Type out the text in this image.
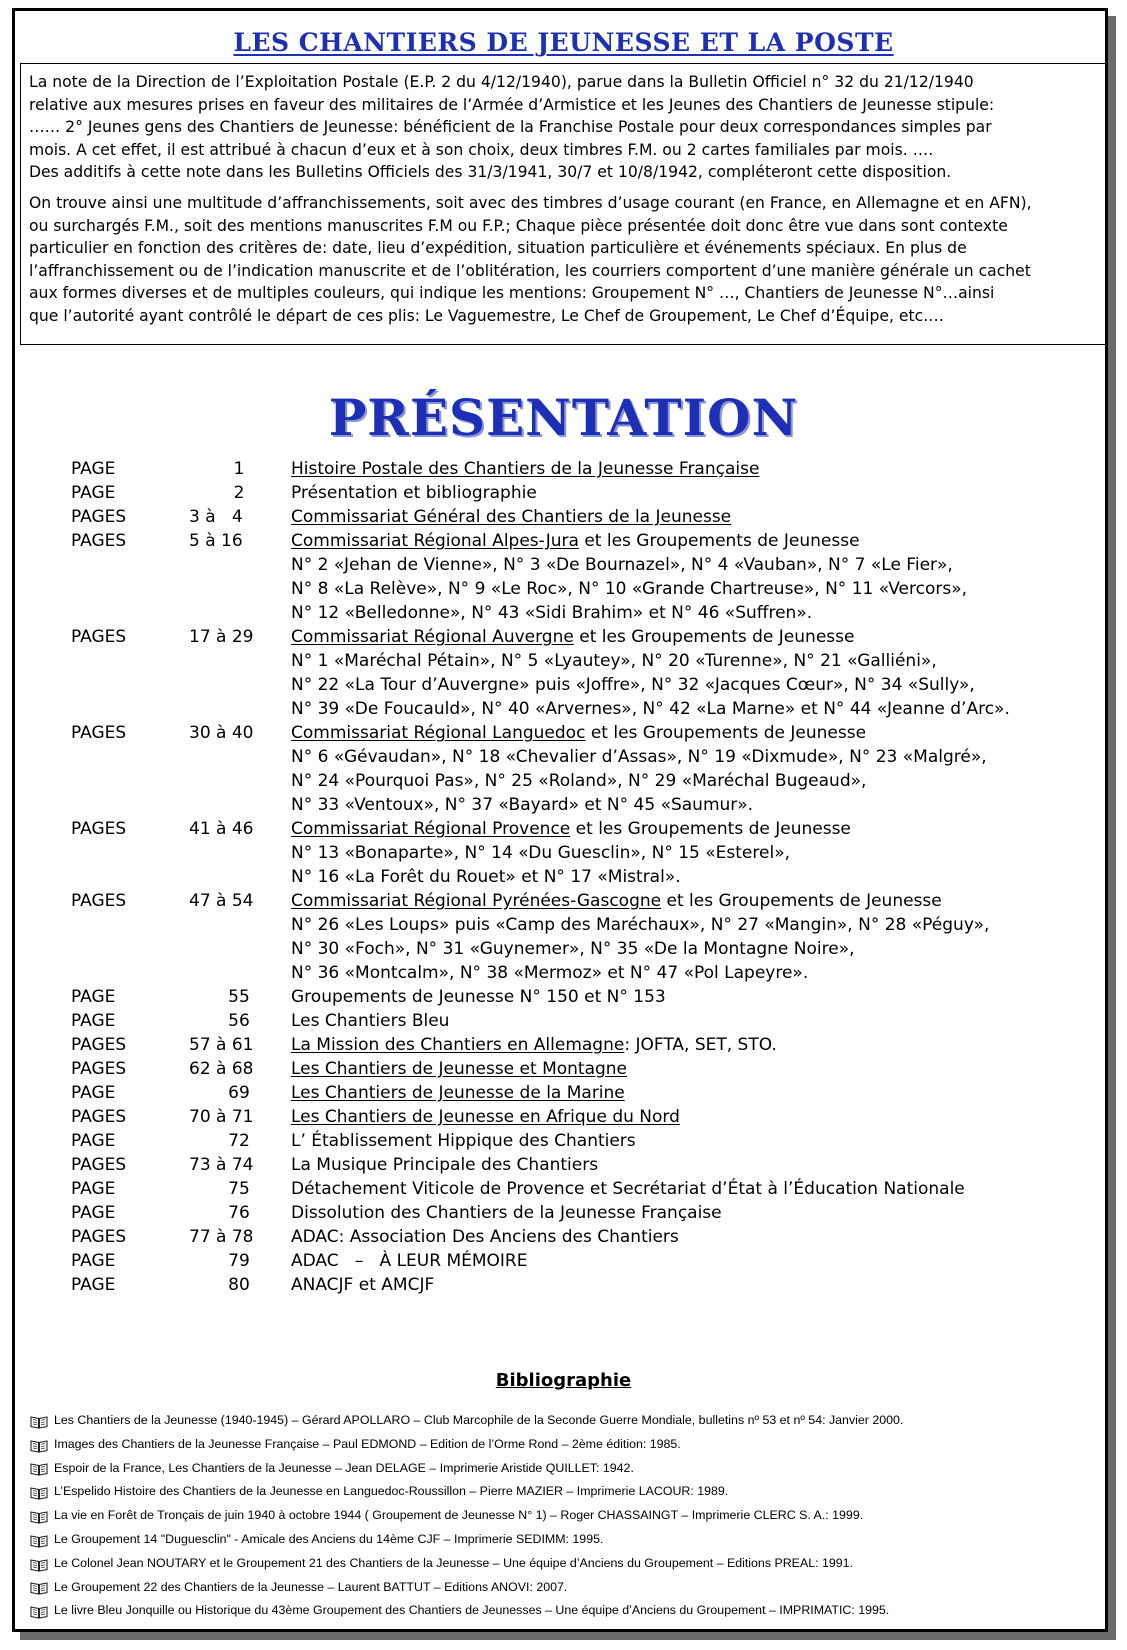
LES CHANTIERS DE JEUNESSE ET LA POSTE

La note de la Direction de l’Exploitation Postale (E.P. 2 du 4/12/1940), parue dans la Bulletin Officiel n° 32 du 21/12/1940
relative aux mesures prises en faveur des militaires de l’Armée d’Armistice et les Jeunes des Chantiers de Jeunesse stipule:
…… 2° Jeunes gens des Chantiers de Jeunesse: bénéficient de la Franchise Postale pour deux correspondances simples par
mois. A cet effet, il est attribué à chacun d’eux et à son choix, deux timbres F.M. ou 2 cartes familiales par mois. ….
Des additifs à cette note dans les Bulletins Officiels des 31/3/1941, 30/7 et 10/8/1942, compléteront cette disposition.

On trouve ainsi une multitude d’affranchissements, soit avec des timbres d’usage courant (en France, en Allemagne et en AFN),
ou surchargés F.M., soit des mentions manuscrites F.M ou F.P.; Chaque pièce présentée doit donc être vue dans sont contexte
particulier en fonction des critères de: date, lieu d’expédition, situation particulière et événements spéciaux. En plus de
l’affranchissement ou de l’indication manuscrite et de l’oblitération, les courriers comportent d’une manière générale un cachet
aux formes diverses et de multiples couleurs, qui indique les mentions: Groupement N° …, Chantiers de Jeunesse N°…ainsi
que l’autorité ayant contrôlé le départ de ces plis: Le Vaguemestre, Le Chef de Groupement, Le Chef d’Équipe, etc….

PRÉSENTATION
PAGE	1	Histoire Postale des Chantiers de la Jeunesse Française
PAGE	2	Présentation et bibliographie
PAGES	3 à   4	Commissariat Général des Chantiers de la Jeunesse
PAGES	5 à 16	Commissariat Régional Alpes-Jura et les Groupements de Jeunesse
N° 2 «Jehan de Vienne», N° 3 «De Bournazel», N° 4 «Vauban», N° 7 «Le Fier»,
N° 8 «La Relève», N° 9 «Le Roc», N° 10 «Grande Chartreuse», N° 11 «Vercors»,
N° 12 «Belledonne», N° 43 «Sidi Brahim» et N° 46 «Suffren».
PAGES	17 à 29	Commissariat Régional Auvergne et les Groupements de Jeunesse
N° 1 «Maréchal Pétain», N° 5 «Lyautey», N° 20 «Turenne», N° 21 «Galliéni»,
N° 22 «La Tour d’Auvergne» puis «Joffre», N° 32 «Jacques Cœur», N° 34 «Sully»,
N° 39 «De Foucauld», N° 40 «Arvernes», N° 42 «La Marne» et N° 44 «Jeanne d’Arc».
PAGES	30 à 40	Commissariat Régional Languedoc et les Groupements de Jeunesse
N° 6 «Gévaudan», N° 18 «Chevalier d’Assas», N° 19 «Dixmude», N° 23 «Malgré»,
N° 24 «Pourquoi Pas», N° 25 «Roland», N° 29 «Maréchal Bugeaud»,
N° 33 «Ventoux», N° 37 «Bayard» et N° 45 «Saumur».
PAGES	41 à 46	Commissariat Régional Provence et les Groupements de Jeunesse
N° 13 «Bonaparte», N° 14 «Du Guesclin», N° 15 «Esterel»,
N° 16 «La Forêt du Rouet» et N° 17 «Mistral».
PAGES	47 à 54	Commissariat Régional Pyrénées-Gascogne et les Groupements de Jeunesse
N° 26 «Les Loups» puis «Camp des Maréchaux», N° 27 «Mangin», N° 28 «Péguy»,
N° 30 «Foch», N° 31 «Guynemer», N° 35 «De la Montagne Noire»,
N° 36 «Montcalm», N° 38 «Mermoz» et N° 47 «Pol Lapeyre».
PAGE	55	Groupements de Jeunesse N° 150 et N° 153
PAGE	56	Les Chantiers Bleu
PAGES	57 à 61	La Mission des Chantiers en Allemagne: JOFTA, SET, STO.
PAGES	62 à 68	Les Chantiers de Jeunesse et Montagne
PAGE	69	Les Chantiers de Jeunesse de la Marine
PAGES	70 à 71	Les Chantiers de Jeunesse en Afrique du Nord
PAGE	72	L’ Établissement Hippique des Chantiers
PAGES	73 à 74	La Musique Principale des Chantiers
PAGE	75	Détachement Viticole de Provence et Secrétariat d’État à l’Éducation Nationale
PAGE	76	Dissolution des Chantiers de la Jeunesse Française
PAGES	77 à 78	ADAC: Association Des Anciens des Chantiers
PAGE	79	ADAC   –   À LEUR MÉMOIRE
PAGE	80	ANACJF et AMCJF
Bibliographie
Les Chantiers de la Jeunesse (1940-1945) – Gérard APOLLARO – Club Marcophile de la Seconde Guerre Mondiale, bulletins nº 53 et nº 54: Janvier 2000.
Images des Chantiers de la Jeunesse Française – Paul EDMOND – Edition de l’Orme Rond – 2ème édition: 1985.
Espoir de la France, Les Chantiers de la Jeunesse – Jean DELAGE – Imprimerie Aristide QUILLET: 1942.
L’Espelido Histoire des Chantiers de la Jeunesse en Languedoc-Roussillon – Pierre MAZIER – Imprimerie LACOUR: 1989.
La vie en Forêt de Tronçais de juin 1940 à octobre 1944 ( Groupement de Jeunesse N° 1) – Roger CHASSAINGT – Imprimerie CLERC S. A.: 1999.
Le Groupement 14 "Duguesclin" - Amicale des Anciens du 14ème CJF – Imprimerie SEDIMM: 1995.
Le Colonel Jean NOUTARY et le Groupement 21 des Chantiers de la Jeunesse – Une équipe d’Anciens du Groupement – Editions PREAL: 1991.
Le Groupement 22 des Chantiers de la Jeunesse – Laurent BATTUT – Editions ANOVI: 2007.
Le livre Bleu Jonquille ou Historique du 43ème Groupement des Chantiers de Jeunesses – Une équipe d’Anciens du Groupement – IMPRIMATIC: 1995.
